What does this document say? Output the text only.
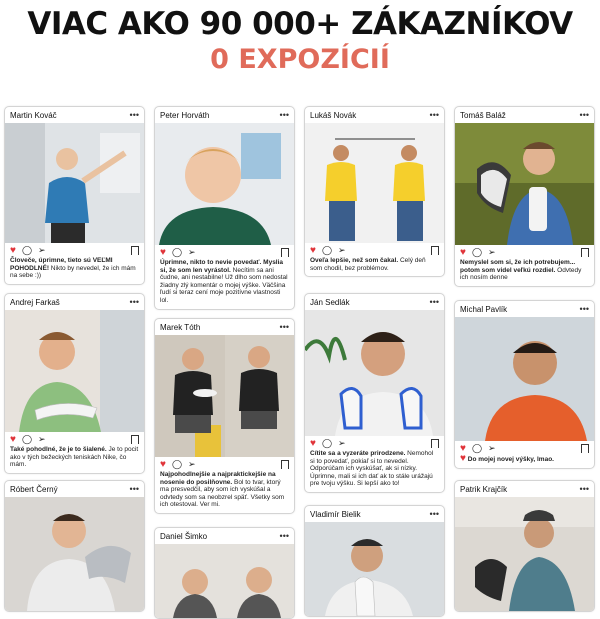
VIAC AKO 90 000+ ZÁKAZNÍKOV
0 EXPOZÍCIÍ
Martin Kováč	•••
♥ ◯ ➢
Človeče, úprimne, tieto sú VEĽMI POHODLNÉ! Nikto by nevedel, že ich mám na sebe :))
Andrej Farkaš	•••
♥ ◯ ➢
Také pohodlné, že je to šialené. Je to pocit ako v tých bežeckých teniskách Nike, čo mám.
Róbert Černý	•••
Peter Horváth	•••
♥ ◯ ➢
Úprimne, nikto to nevie povedať. Myslia si, že som len vyrástol. Necítim sa ani čudne, ani nestabilne! Už dlho som nedostal žiadny zlý komentár o mojej výške. Väčšina ľudí si teraz cení moje pozitívne vlastnosti lol.
Marek Tóth	•••
♥ ◯ ➢
Najpohodlnejšie a najpraktickejšie na nosenie do posilňovne. Bol to tvar, ktorý ma presvedčil, aby som ich vyskúšal a odvtedy som sa neobzrel späť. Všetky som ich otestoval. Ver mi.
Daniel Šimko	•••
Lukáš Novák	•••
♥ ◯ ➢
Oveľa lepšie, než som čakal. Celý deň som chodil, bez problémov.
Ján Sedlák	•••
♥ ◯ ➢
Cítite sa a vyzeráte prirodzene. Nemohol si to povedať, pokiaľ si to nevedel. Odporúčam ich vyskúšať, ak si nízky. Úprimne, mali si ich dať ak to stále urážajú pre tvoju výšku. Si lepší ako to!
Vladimír Bielik	•••
Tomáš Baláž	•••
♥ ◯ ➢
Nemyslel som si, že ich potrebujem... potom som videl veľkú rozdiel. Odvtedy ich nosím denne
Michal Pavlík	•••
♥ ◯ ➢
♥ Do mojej novej výšky, lmao.
Patrik Krajčík	•••
